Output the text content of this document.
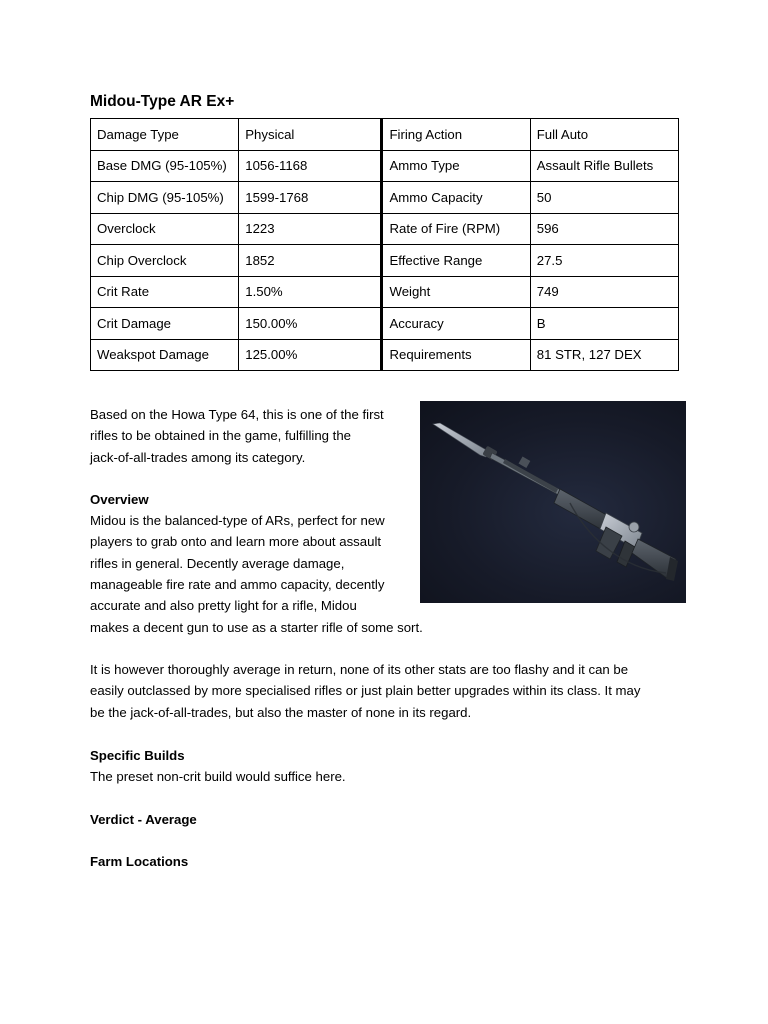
Midou-Type AR Ex+
Damage Type	Physical	Firing Action	Full Auto
Base DMG (95-105%)	1056-1168	Ammo Type	Assault Rifle Bullets
Chip DMG (95-105%)	1599-1768	Ammo Capacity	50
Overclock	1223	Rate of Fire (RPM)	596
Chip Overclock	1852	Effective Range	27.5
Crit Rate	1.50%	Weight	749
Crit Damage	150.00%	Accuracy	B
Weakspot Damage	125.00%	Requirements	81 STR, 127 DEX
Based on the Howa Type 64, this is one of the first
rifles to be obtained in the game, fulfilling the
jack-of-all-trades among its category.
Overview
Midou is the balanced-type of ARs, perfect for new
players to grab onto and learn more about assault
rifles in general. Decently average damage,
manageable fire rate and ammo capacity, decently
accurate and also pretty light for a rifle, Midou
makes a decent gun to use as a starter rifle of some sort.
It is however thoroughly average in return, none of its other stats are too flashy and it can be
easily outclassed by more specialised rifles or just plain better upgrades within its class. It may
be the jack-of-all-trades, but also the master of none in its regard.
Specific Builds
The preset non-crit build would suffice here.
Verdict - Average
Farm Locations
